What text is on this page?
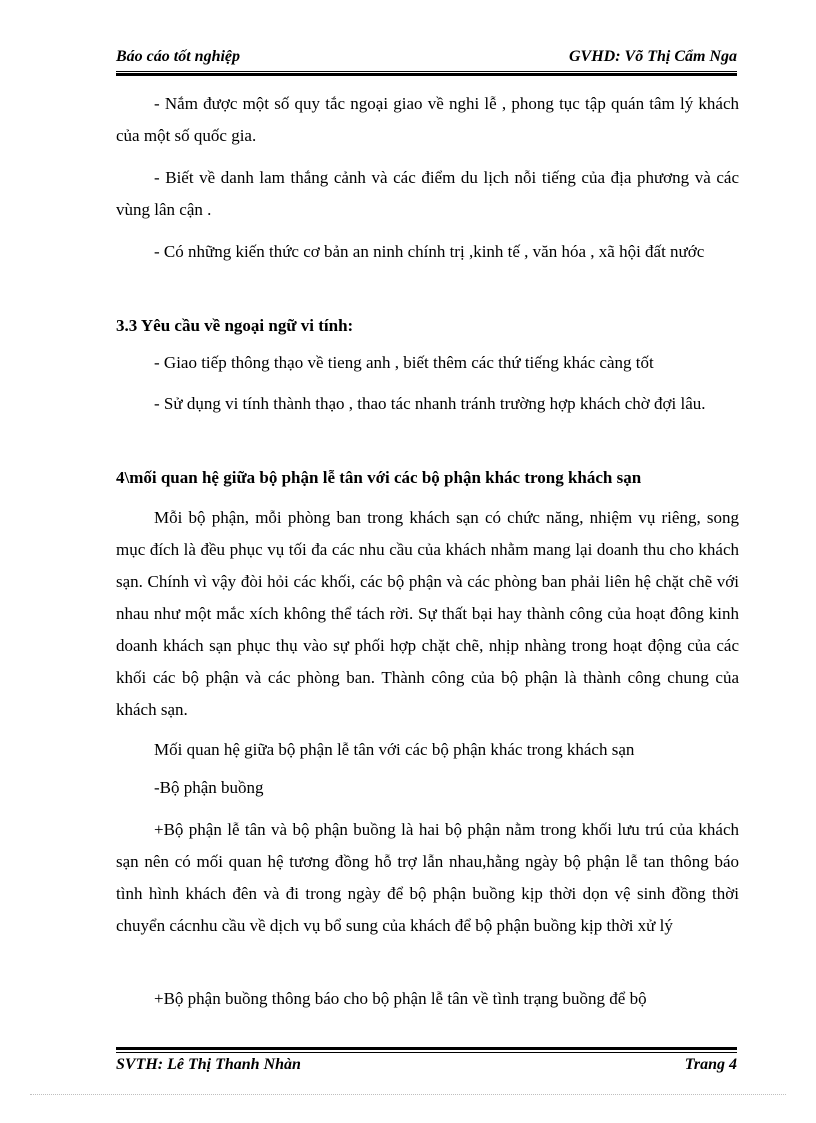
Báo cáo tốt nghiệp	GVHD: Võ Thị Cẩm Nga

- Nắm được một số quy tắc ngoại giao về nghi lễ , phong tục tập quán tâm lý khách của một số quốc gia.

- Biết về danh lam thắng cảnh và các điểm du lịch nỗi tiếng của địa phương và các vùng lân cận .

- Có những kiến thức cơ bản an ninh chính trị ,kinh tế , văn hóa , xã hội đất nước

3.3 Yêu cầu về ngoại ngữ vi tính:

- Giao tiếp thông thạo về tieng anh , biết thêm các thứ tiếng khác càng tốt

- Sử dụng vi tính thành thạo , thao tác nhanh tránh trường hợp khách chờ đợi lâu.

4\mối quan hệ giữa bộ phận lễ tân với các bộ phận khác trong khách sạn

Mỗi bộ phận, mỗi phòng ban trong khách sạn có chức năng, nhiệm vụ riêng, song mục đích là đều phục vụ tối đa các nhu cầu của khách nhằm mang lại doanh thu cho khách sạn. Chính vì vậy đòi hỏi các khối, các bộ phận và các phòng ban phải liên hệ chặt chẽ với nhau như một mắc xích không thể tách rời. Sự thất bại hay thành công của hoạt đông kinh doanh khách sạn phục thụ vào sự phối hợp chặt chẽ, nhịp nhàng trong hoạt động của các khối các bộ phận và các phòng ban. Thành công của bộ phận là thành công chung của khách sạn.

Mối quan hệ giữa bộ phận lễ tân với các bộ phận khác trong khách sạn

-Bộ phận buồng

+Bộ phận lễ tân và bộ phận buồng là hai bộ phận nằm trong khối lưu trú của khách sạn nên có mối quan hệ tương đồng hỗ trợ lẫn nhau,hằng ngày bộ phận lễ tan thông báo tình hình khách đên và đi trong ngày để bộ phận buồng kịp thời dọn vệ sinh đồng thời chuyển cácnhu cầu về dịch vụ bổ sung của khách để bộ phận buồng kịp thời xử lý

+Bộ phận buồng thông báo cho bộ phận lễ tân về tình trạng buồng để bộ

SVTH: Lê Thị Thanh Nhàn	Trang 4
